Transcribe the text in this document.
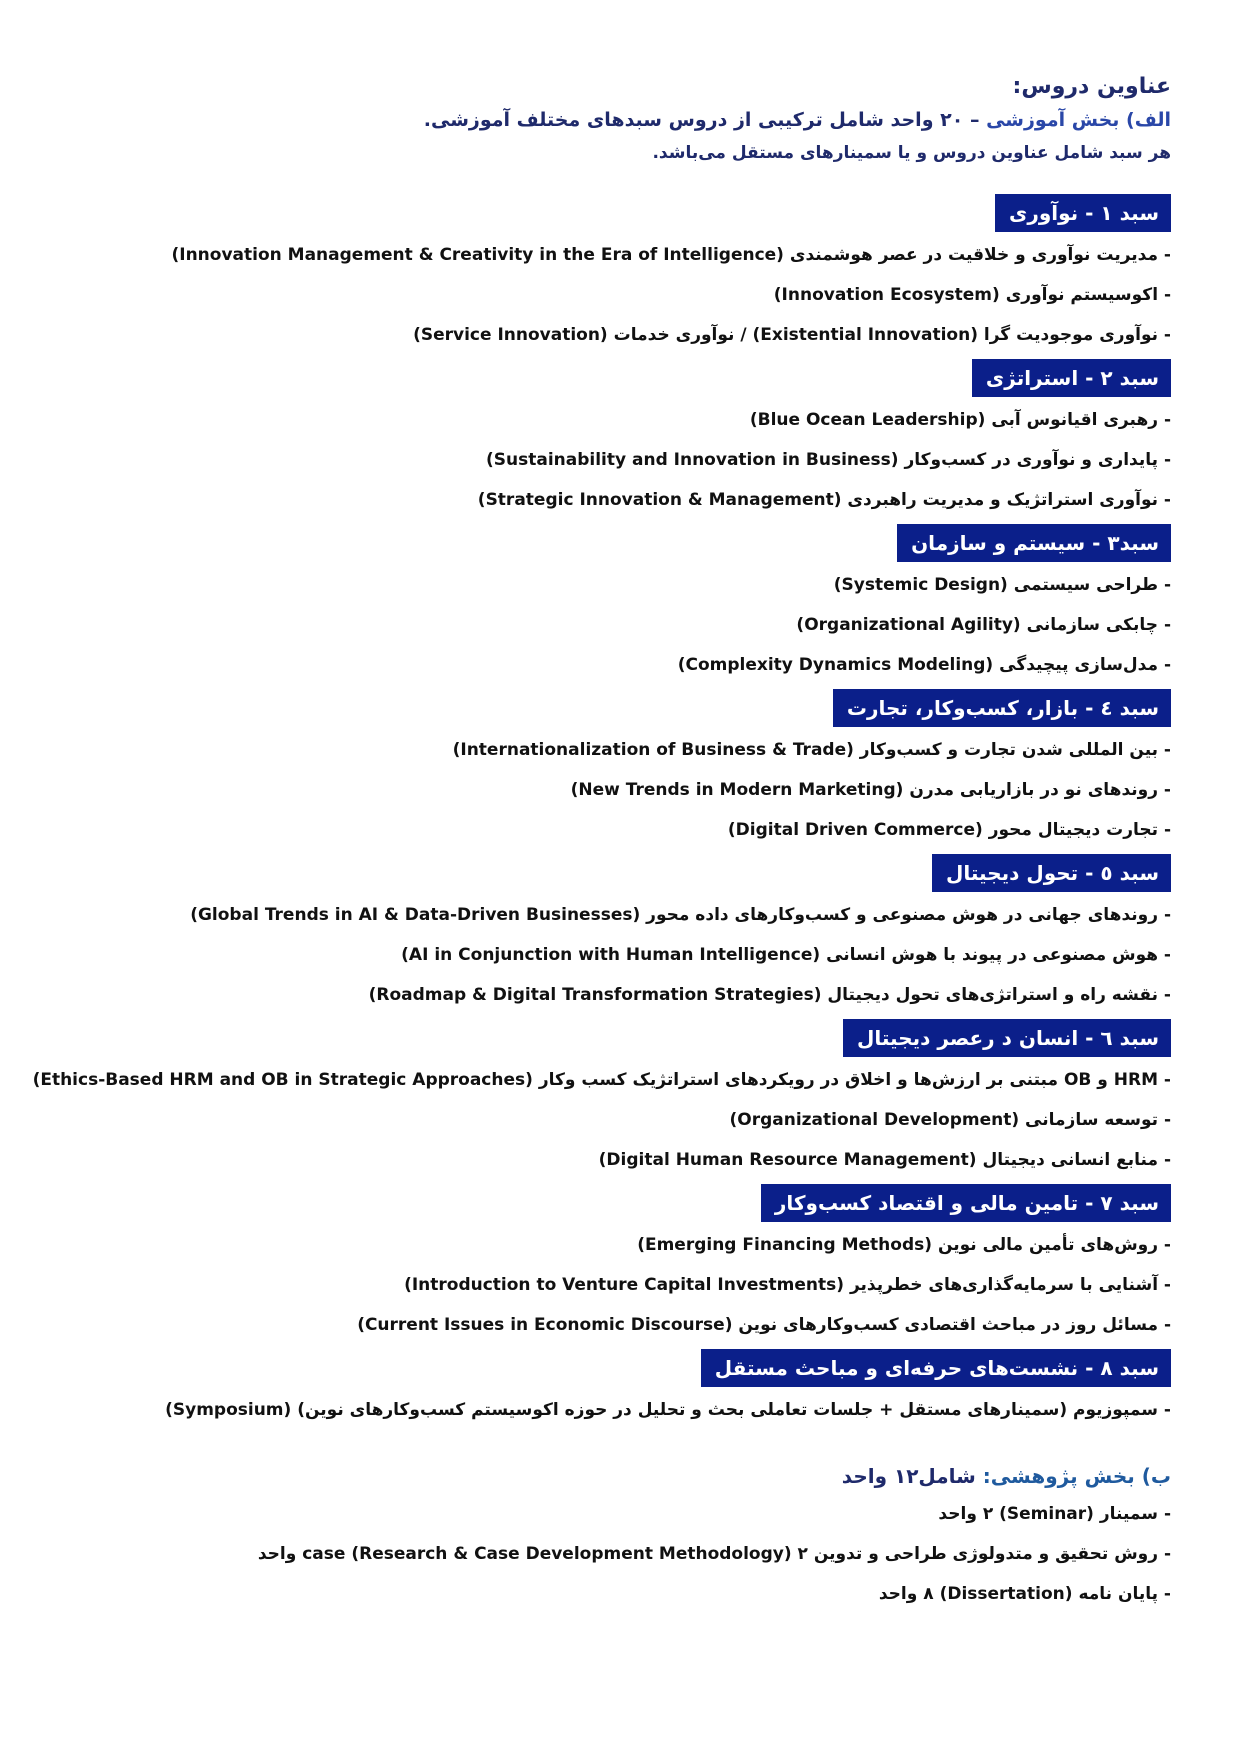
عناوین دروس:
الف) بخش آموزشی – ۲۰ واحد شامل ترکیبی از دروس سبدهای مختلف آموزشی.
هر سبد شامل عناوین دروس و یا سمینارهای مستقل می‌باشد.
سبد ۱ - نوآوری
- مدیریت نوآوری و خلاقیت در عصر هوشمندی (Innovation Management & Creativity in the Era of Intelligence)
- اکوسیستم نوآوری (Innovation Ecosystem)
- نوآوری موجودیت گرا (Existential Innovation) / نوآوری خدمات (Service Innovation)
سبد ۲ - استراتژی
- رهبری اقیانوس آبی (Blue Ocean Leadership)
- پایداری و نوآوری در کسب‌وکار (Sustainability and Innovation in Business)
- نوآوری استراتژیک و مدیریت راهبردی (Strategic Innovation & Management)
سبد۳ - سیستم و سازمان
- طراحی سیستمی (Systemic Design)
- چابکی سازمانی (Organizational Agility)
- مدل‌سازی پیچیدگی (Complexity Dynamics Modeling)
سبد ٤ - بازار، کسب‌وکار، تجارت
- بین المللی شدن تجارت و کسب‌وکار (Internationalization of Business & Trade)
- روندهای نو در بازاریابی مدرن (New Trends in Modern Marketing)
- تجارت دیجیتال محور (Digital Driven Commerce)
سبد ٥ - تحول دیجیتال
- روندهای جهانی در هوش مصنوعی و کسب‌وکارهای داده محور (Global Trends in AI & Data-Driven Businesses)
- هوش مصنوعی در پیوند با هوش انسانی (AI in Conjunction with Human Intelligence)
- نقشه راه و استراتژی‌های تحول دیجیتال (Roadmap & Digital Transformation Strategies)
سبد ٦ - انسان د رعصر دیجیتال
- HRM و OB مبتنی بر ارزش‌ها و اخلاق در رویکردهای استراتژیک کسب وکار (Ethics-Based HRM and OB in Strategic Approaches)
- توسعه سازمانی (Organizational Development)
- منابع انسانی دیجیتال (Digital Human Resource Management)
سبد ۷ - تامین مالی و اقتصاد کسب‌وکار
- روش‌های تأمین مالی نوین (Emerging Financing Methods)
- آشنایی با سرمایه‌گذاری‌های خطرپذیر (Introduction to Venture Capital Investments)
- مسائل روز در مباحث اقتصادی کسب‌وکارهای نوین (Current Issues in Economic Discourse)
سبد ۸ - نشست‌های حرفه‌ای و مباحث مستقل
- سمپوزیوم (سمینارهای مستقل + جلسات تعاملی بحث و تحلیل در حوزه اکوسیستم کسب‌وکارهای نوین) (Symposium)
ب) بخش پژوهشی: شامل۱۲ واحد
- سمینار (Seminar) ۲ واحد
- روش تحقیق و متدولوژی طراحی و تدوین case (Research & Case Development Methodology) ۲ واحد
- پایان نامه (Dissertation) ۸ واحد
